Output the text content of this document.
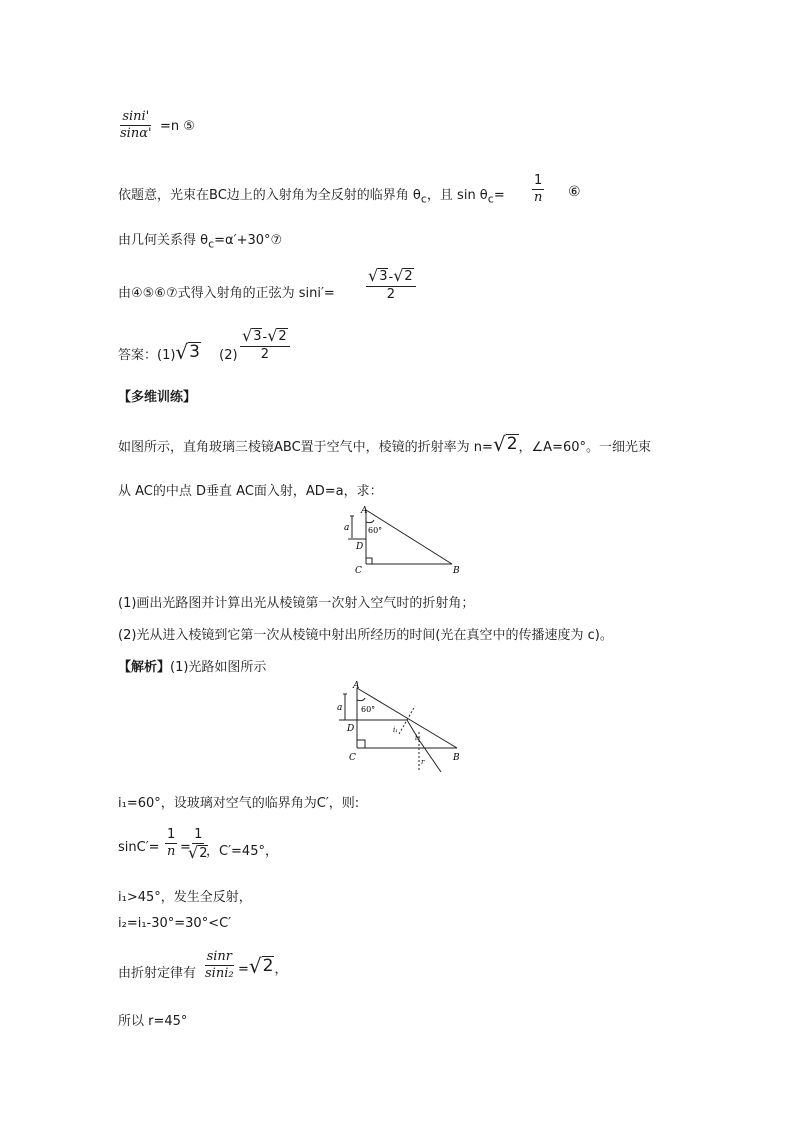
$\frac{\sin i'}{\sin\alpha'} =n$ ⑤
依题意，光束在BC边上的入射角为全反射的临界角 $\theta_c$，且 $\sin \theta_c= \frac{1}{n}$ ⑥
由几何关系得 $\theta_c=\alpha'+30^\circ ⑦$
由④⑤⑥⑦式得入射角的正弦为 $\sin i'= \frac{√ 3 - √ 2}{2}$
答案：(1) √ 3 $(2) \frac{√ 3 - √ 2}{2}$
【多维训练】
如图所示，直角玻璃三棱镜ABC置于空气中，棱镜的折射率为 n= √ 2 ，∠A=60°。一细光束
从 AC的中点 D垂直 AC面入射，AD=a，求：
A
B
C
D
a 60°
(1)画出光路图并计算出光从棱镜第一次射入空气时的折射角；
(2)光从进入棱镜到它第一次从棱镜中射出所经历的时间(光在真空中的传播速度为 c)。
【解析】(1)光路如图所示
A
B
C
D
a 60°
i₁
i₂
r
i₁=60°，设玻璃对空气的临界角为C′，则:
$\sin C'= \frac{1}{n}$ =
$\frac{1}{√ 2}$
，C′=45°，
i₁>45°，发生全反射，
i₂=i₁-30°=30°<C′
由折射定律有 $\frac{\sin r}{\text{sini₂}}$ = √ 2 ，
所以 r=45°
